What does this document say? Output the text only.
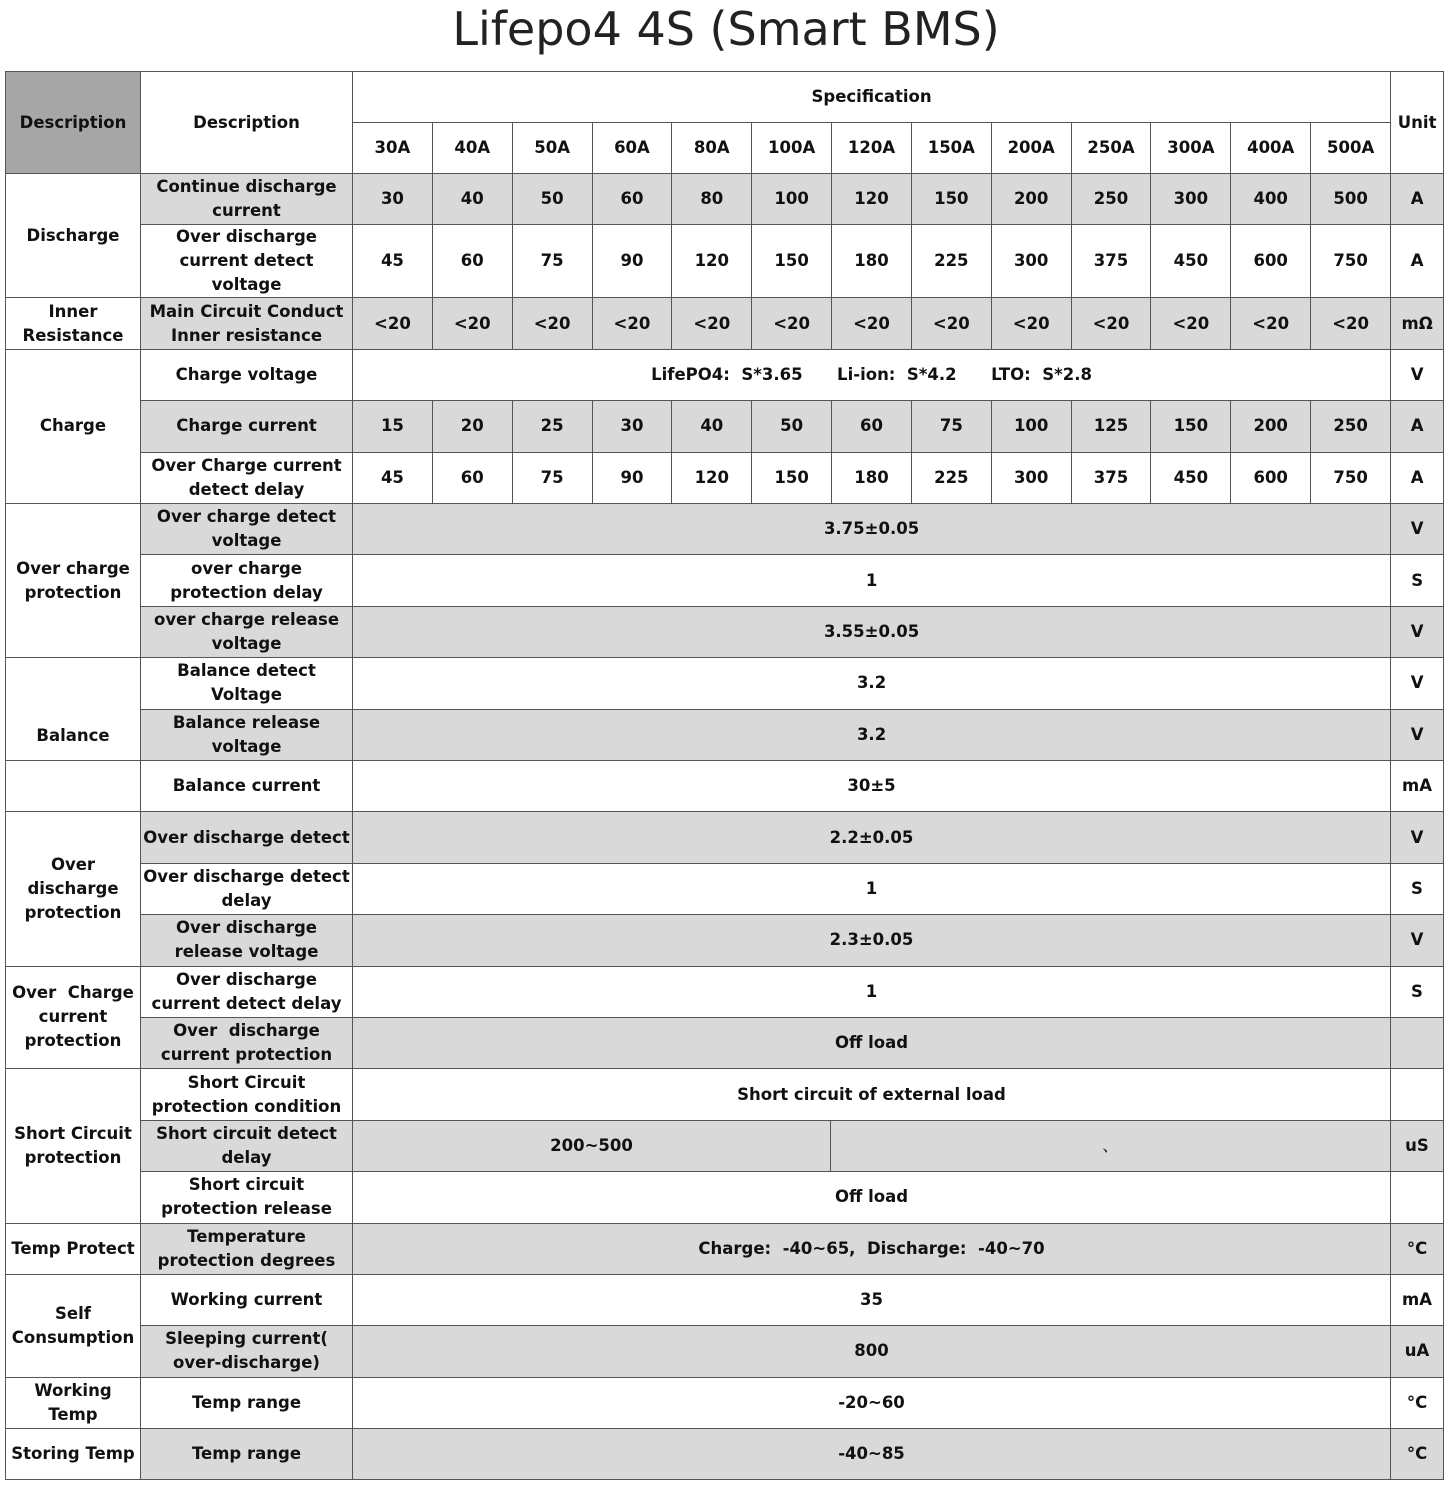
Lifepo4 4S (Smart BMS)
Description	Description	Specification													Unit
		30A	40A	50A	60A	80A	100A	120A	150A	200A	250A	300A	400A	500A	
Discharge	Continue discharge current	30	40	50	60	80	100	120	150	200	250	300	400	500	A
	Over discharge current detect voltage	45	60	75	90	120	150	180	225	300	375	450	600	750	A
Inner Resistance	Main Circuit Conduct Inner resistance	<20	<20	<20	<20	<20	<20	<20	<20	<20	<20	<20	<20	<20	mΩ
Charge	Charge voltage	LifePO4:  S*3.65      Li-ion:  S*4.2      LTO:  S*2.8													V
	Charge current	15	20	25	30	40	50	60	75	100	125	150	200	250	A
	Over Charge current detect delay	45	60	75	90	120	150	180	225	300	375	450	600	750	A
Over charge protection	Over charge detect voltage	3.75±0.05													V
	over charge protection delay	1													S
	over charge release voltage	3.55±0.05													V
Balance	Balance detect Voltage	3.2													V
	Balance release voltage	3.2													V
	Balance current	30±5		mA
Over discharge protection	Over discharge detect	2.2±0.05		V
	Over discharge detect delay	1		S
	Over discharge release voltage	2.3±0.05		V
Over  Charge current protection	Over discharge current detect delay	1		S
	Over  discharge current protection	Off load		
Short Circuit protection	Short Circuit protection condition	Short circuit of external load		
	Short circuit detect delay	200~500	、	uS
	Short circuit protection release	Off load		
Temp Protect	Temperature protection degrees	Charge:  -40~65,  Discharge:  -40~70		°C
Self Consumption	Working current	35		mA
	Sleeping current( over-discharge)	800		uA
Working Temp	Temp range	-20~60		°C
Storing Temp	Temp range	-40~85		°C
